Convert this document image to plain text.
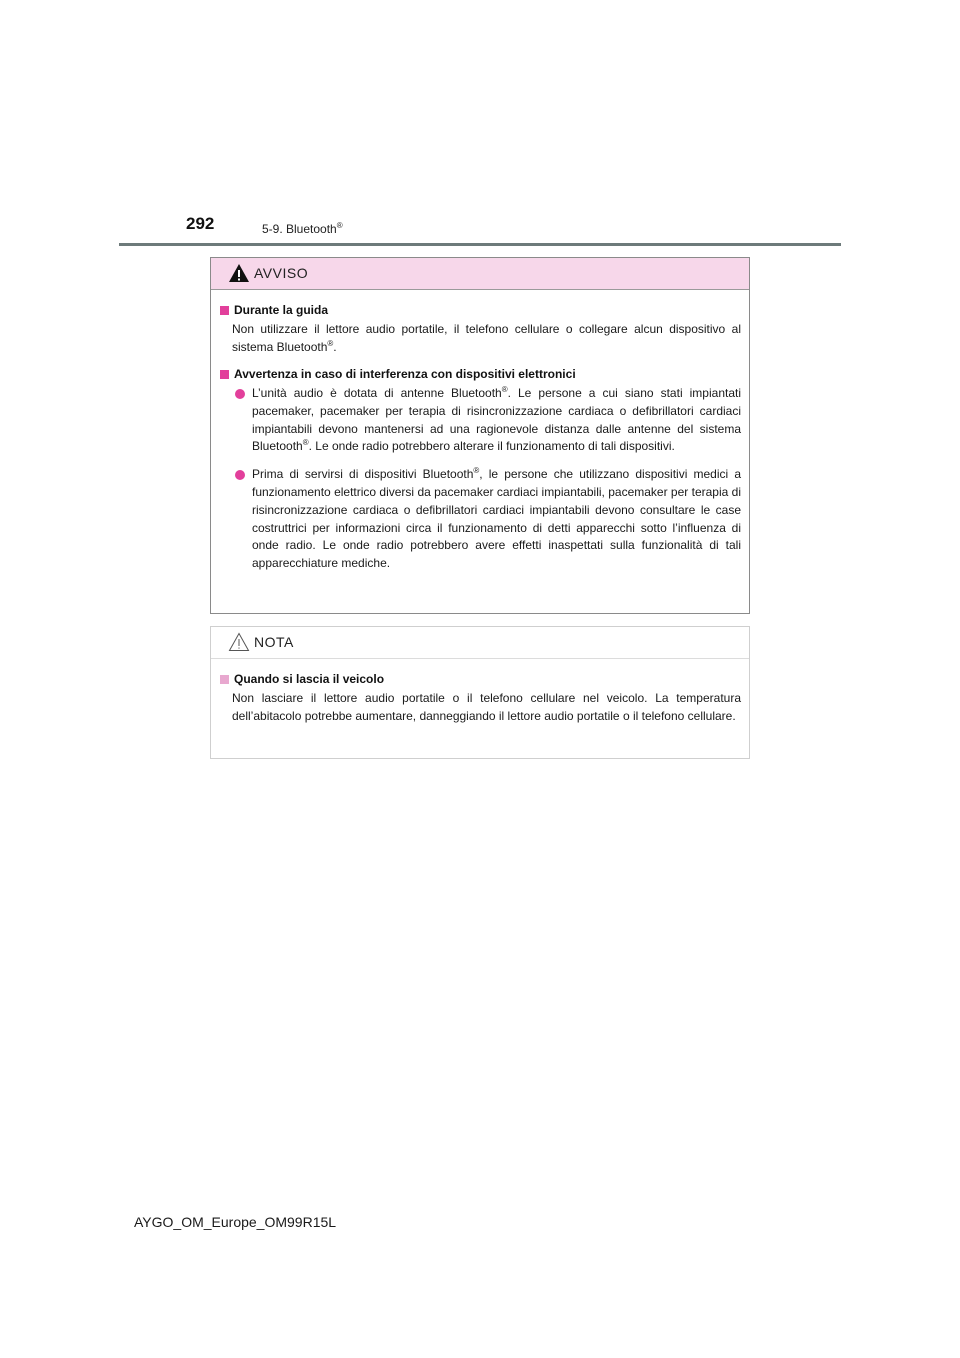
292	5-9. Bluetooth®
AVVISO
Durante la guida

Non utilizzare il lettore audio portatile, il telefono cellulare o collegare alcun dispositivo al sistema Bluetooth®.

Avvertenza in caso di interferenza con dispositivi elettronici

L’unità audio è dotata di antenne Bluetooth®. Le persone a cui siano stati impiantati pacemaker, pacemaker per terapia di risincronizzazione cardiaca o defibrillatori cardiaci impiantabili devono mantenersi ad una ragionevole distanza dalle antenne del sistema Bluetooth®. Le onde radio potrebbero alterare il funzionamento di tali dispositivi.

Prima di servirsi di dispositivi Bluetooth®, le persone che utilizzano dispositivi medici a funzionamento elettrico diversi da pacemaker cardiaci impiantabili, pacemaker per terapia di risincronizzazione cardiaca o defibrillatori cardiaci impiantabili devono consultare le case costruttrici per informazioni circa il funzionamento di detti apparecchi sotto l’influenza di onde radio. Le onde radio potrebbero avere effetti inaspettati sulla funzionalità di tali apparecchiature mediche.

NOTA
Quando si lascia il veicolo

Non lasciare il lettore audio portatile o il telefono cellulare nel veicolo. La temperatura dell’abitacolo potrebbe aumentare, danneggiando il lettore audio portatile o il telefono cellulare.

AYGO_OM_Europe_OM99R15L
